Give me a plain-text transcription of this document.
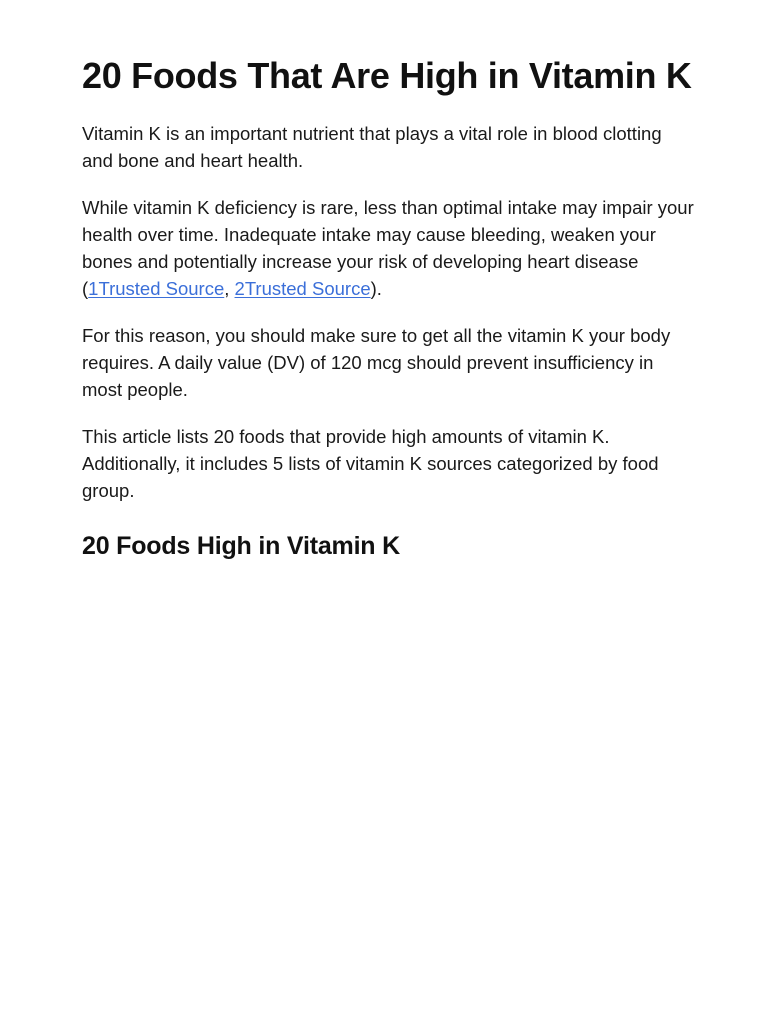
20 Foods That Are High in Vitamin K

Vitamin K is an important nutrient that plays a vital role in blood clotting and bone and heart health.

While vitamin K deficiency is rare, less than optimal intake may impair your health over time. Inadequate intake may cause bleeding, weaken your bones and potentially increase your risk of developing heart disease (1Trusted Source, 2Trusted Source).

For this reason, you should make sure to get all the vitamin K your body requires. A daily value (DV) of 120 mcg should prevent insufficiency in most people.

This article lists 20 foods that provide high amounts of vitamin K. Additionally, it includes 5 lists of vitamin K sources categorized by food group.

20 Foods High in Vitamin K
